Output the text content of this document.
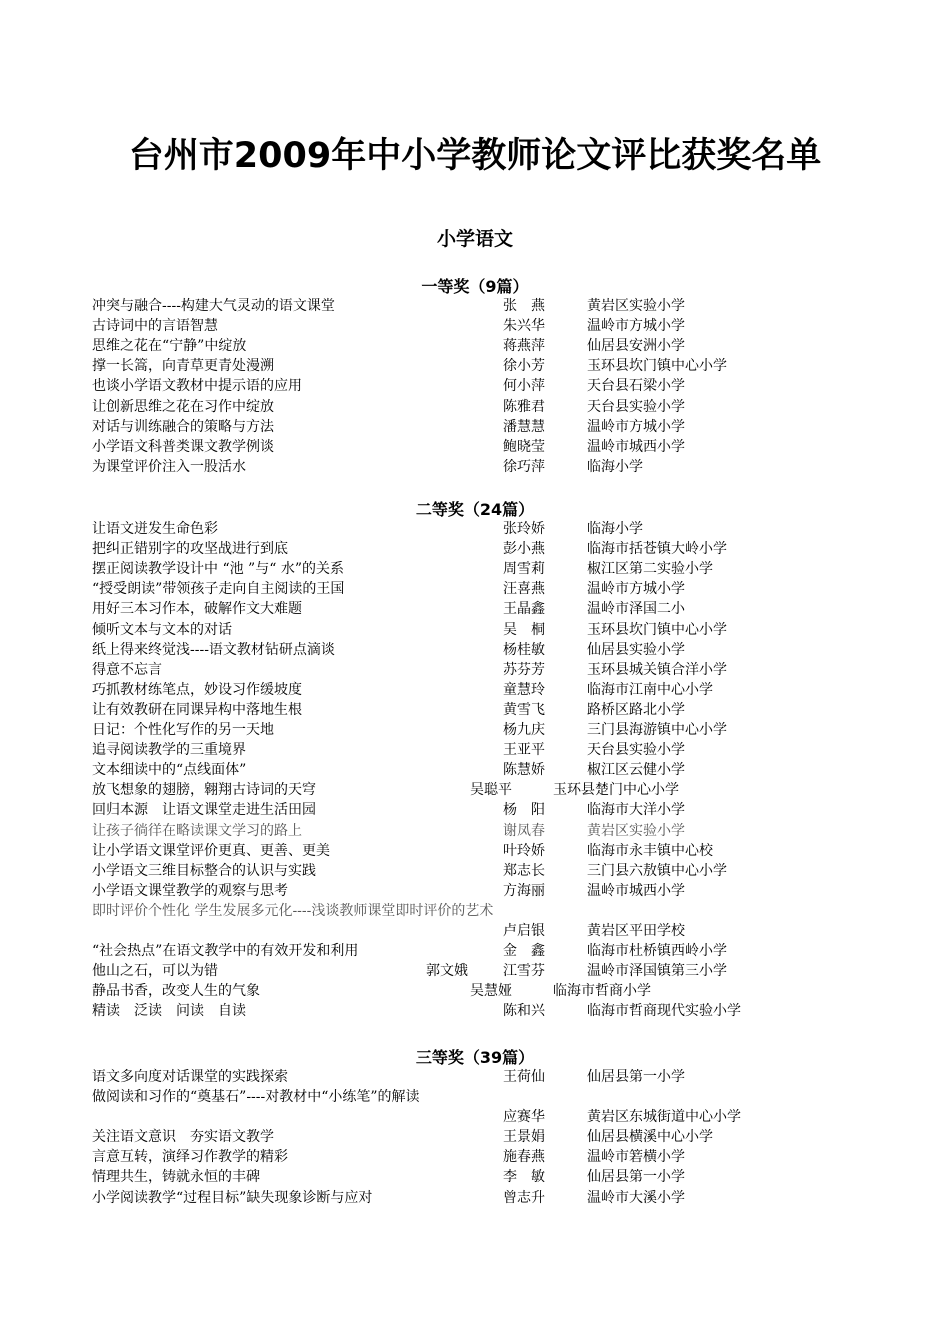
台州市2009年中小学教师论文评比获奖名单
小学语文
一等奖（9篇）
冲突与融合----构建大气灵动的语文课堂	张　燕	黄岩区实验小学
古诗词中的言语智慧	朱兴华	温岭市方城小学
思维之花在“宁静”中绽放	蒋燕萍	仙居县安洲小学
撑一长篙，向青草更青处漫溯	徐小芳	玉环县坎门镇中心小学
也谈小学语文教材中提示语的应用	何小萍	天台县石梁小学
让创新思维之花在习作中绽放	陈雅君	天台县实验小学
对话与训练融合的策略与方法	潘慧慧	温岭市方城小学
小学语文科普类课文教学例谈	鲍晓莹	温岭市城西小学
为课堂评价注入一股活水	徐巧萍	临海小学
二等奖（24篇）
让语文迸发生命色彩	张玲娇	临海小学
把纠正错别字的攻坚战进行到底	彭小燕	临海市括苍镇大岭小学
摆正阅读教学设计中 “池 ”与“ 水”的关系	周雪莉	椒江区第二实验小学
“授受朗读”带领孩子走向自主阅读的王国	汪喜燕	温岭市方城小学
用好三本习作本，破解作文大难题	王晶鑫	温岭市泽国二小
倾听文本与文本的对话	吴　桐	玉环县坎门镇中心小学
纸上得来终觉浅----语文教材钻研点滴谈	杨桂敏	仙居县实验小学
得意不忘言	苏芬芳	玉环县城关镇合洋小学
巧抓教材练笔点，妙设习作缓坡度	童慧玲	临海市江南中心小学
让有效教研在同课异构中落地生根	黄雪飞	路桥区路北小学
日记：个性化写作的另一天地	杨九庆	三门县海游镇中心小学
追寻阅读教学的三重境界	王亚平	天台县实验小学
文本细读中的“点线面体”	陈慧娇	椒江区云健小学
放飞想象的翅膀，翱翔古诗词的天穹	吴聪平	玉环县楚门中心小学
回归本源　让语文课堂走进生活田园	杨　阳	临海市大洋小学
让孩子徜徉在略读课文学习的路上	谢凤春	黄岩区实验小学
让小学语文课堂评价更真、更善、更美	叶玲娇	临海市永丰镇中心校
小学语文三维目标整合的认识与实践	郑志长	三门县六敖镇中心小学
小学语文课堂教学的观察与思考	方海丽	温岭市城西小学
即时评价个性化 学生发展多元化----浅谈教师课堂即时评价的艺术
卢启银	黄岩区平田学校
“社会热点”在语文教学中的有效开发和利用	金　鑫	临海市杜桥镇西岭小学
他山之石，可以为错	郭文娥	江雪芬	温岭市泽国镇第三小学
静品书香，改变人生的气象	吴慧娅	临海市哲商小学
精读　泛读　问读　自读	陈和兴	临海市哲商现代实验小学
三等奖（39篇）
语文多向度对话课堂的实践探索	王荷仙	仙居县第一小学
做阅读和习作的“奠基石”----对教材中“小练笔”的解读
应赛华	黄岩区东城街道中心小学
关注语文意识　夯实语文教学	王景娟	仙居县横溪中心小学
言意互转，演绎习作教学的精彩	施春燕	温岭市箬横小学
情理共生，铸就永恒的丰碑	李　敏	仙居县第一小学
小学阅读教学“过程目标”缺失现象诊断与应对	曾志升	温岭市大溪小学
